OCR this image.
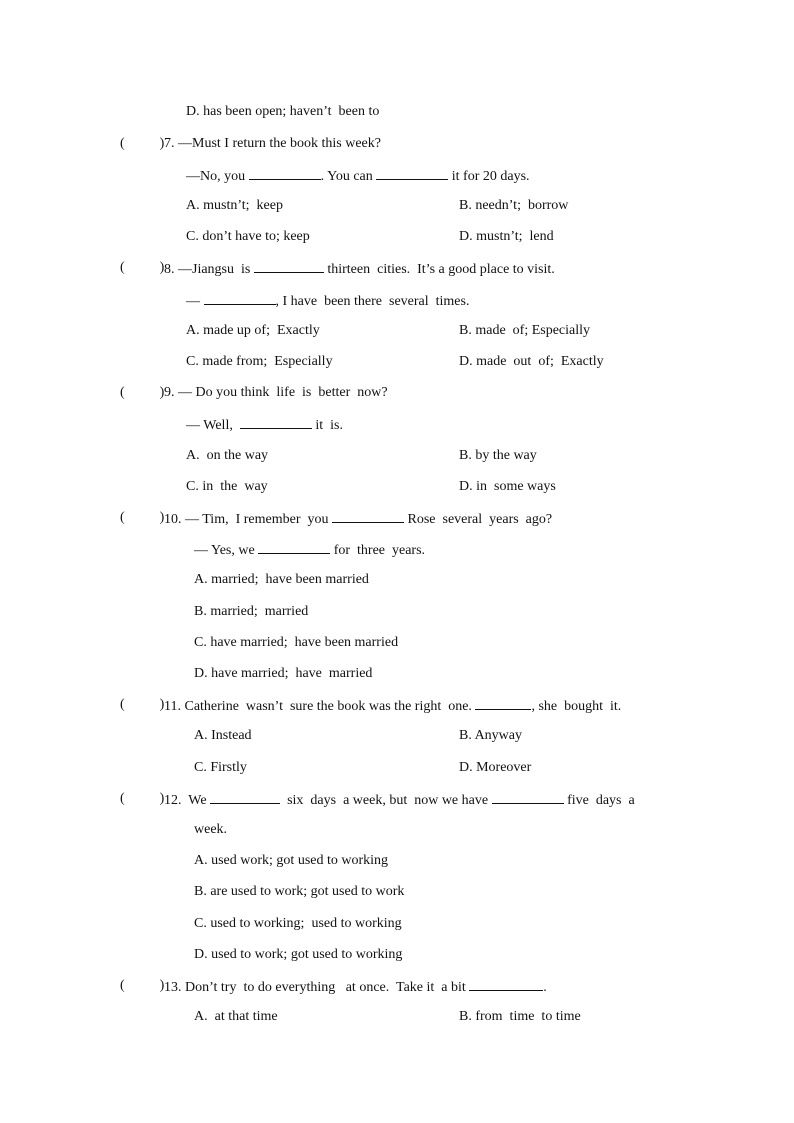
D. has been open; haven’t  been to
(          ) 7. —Must I return the book this week?
—No, you	. You can	it for 20 days.
A. mustn’t;  keep	B. needn’t;  borrow
C. don’t have to; keep	D. mustn’t;  lend
(          ) 8. —Jiangsu  is	thirteen  cities.  It’s a good place to visit.
—	, I have  been there  several  times.
A. made up of;  Exactly	B. made  of; Especially
C. made from;  Especially	D. made  out  of;  Exactly
(          ) 9. — Do you think  life  is  better  now?
— Well,	it  is.
A.  on the way	B. by the way
C. in  the  way	D. in  some ways
(          ) 10. — Tim,  I remember  you	Rose  several  years  ago?
— Yes, we	for  three  years.
A. married;  have been married
B. married;  married
C. have married;  have been married
D. have married;  have  married
(          ) 11. Catherine  wasn’t  sure the book was the right  one.	, she  bought  it.
A. Instead	B. Anyway
C. Firstly	D. Moreover
(          ) 12.  We	six  days  a week, but  now we have	five  days  a
week.
A. used work; got used to working
B. are used to work; got used to work
C. used to working;  used to working
D. used to work; got used to working
(          ) 13. Don’t try  to do everything   at once.  Take it  a bit	.
A.  at that time	B. from  time  to time
